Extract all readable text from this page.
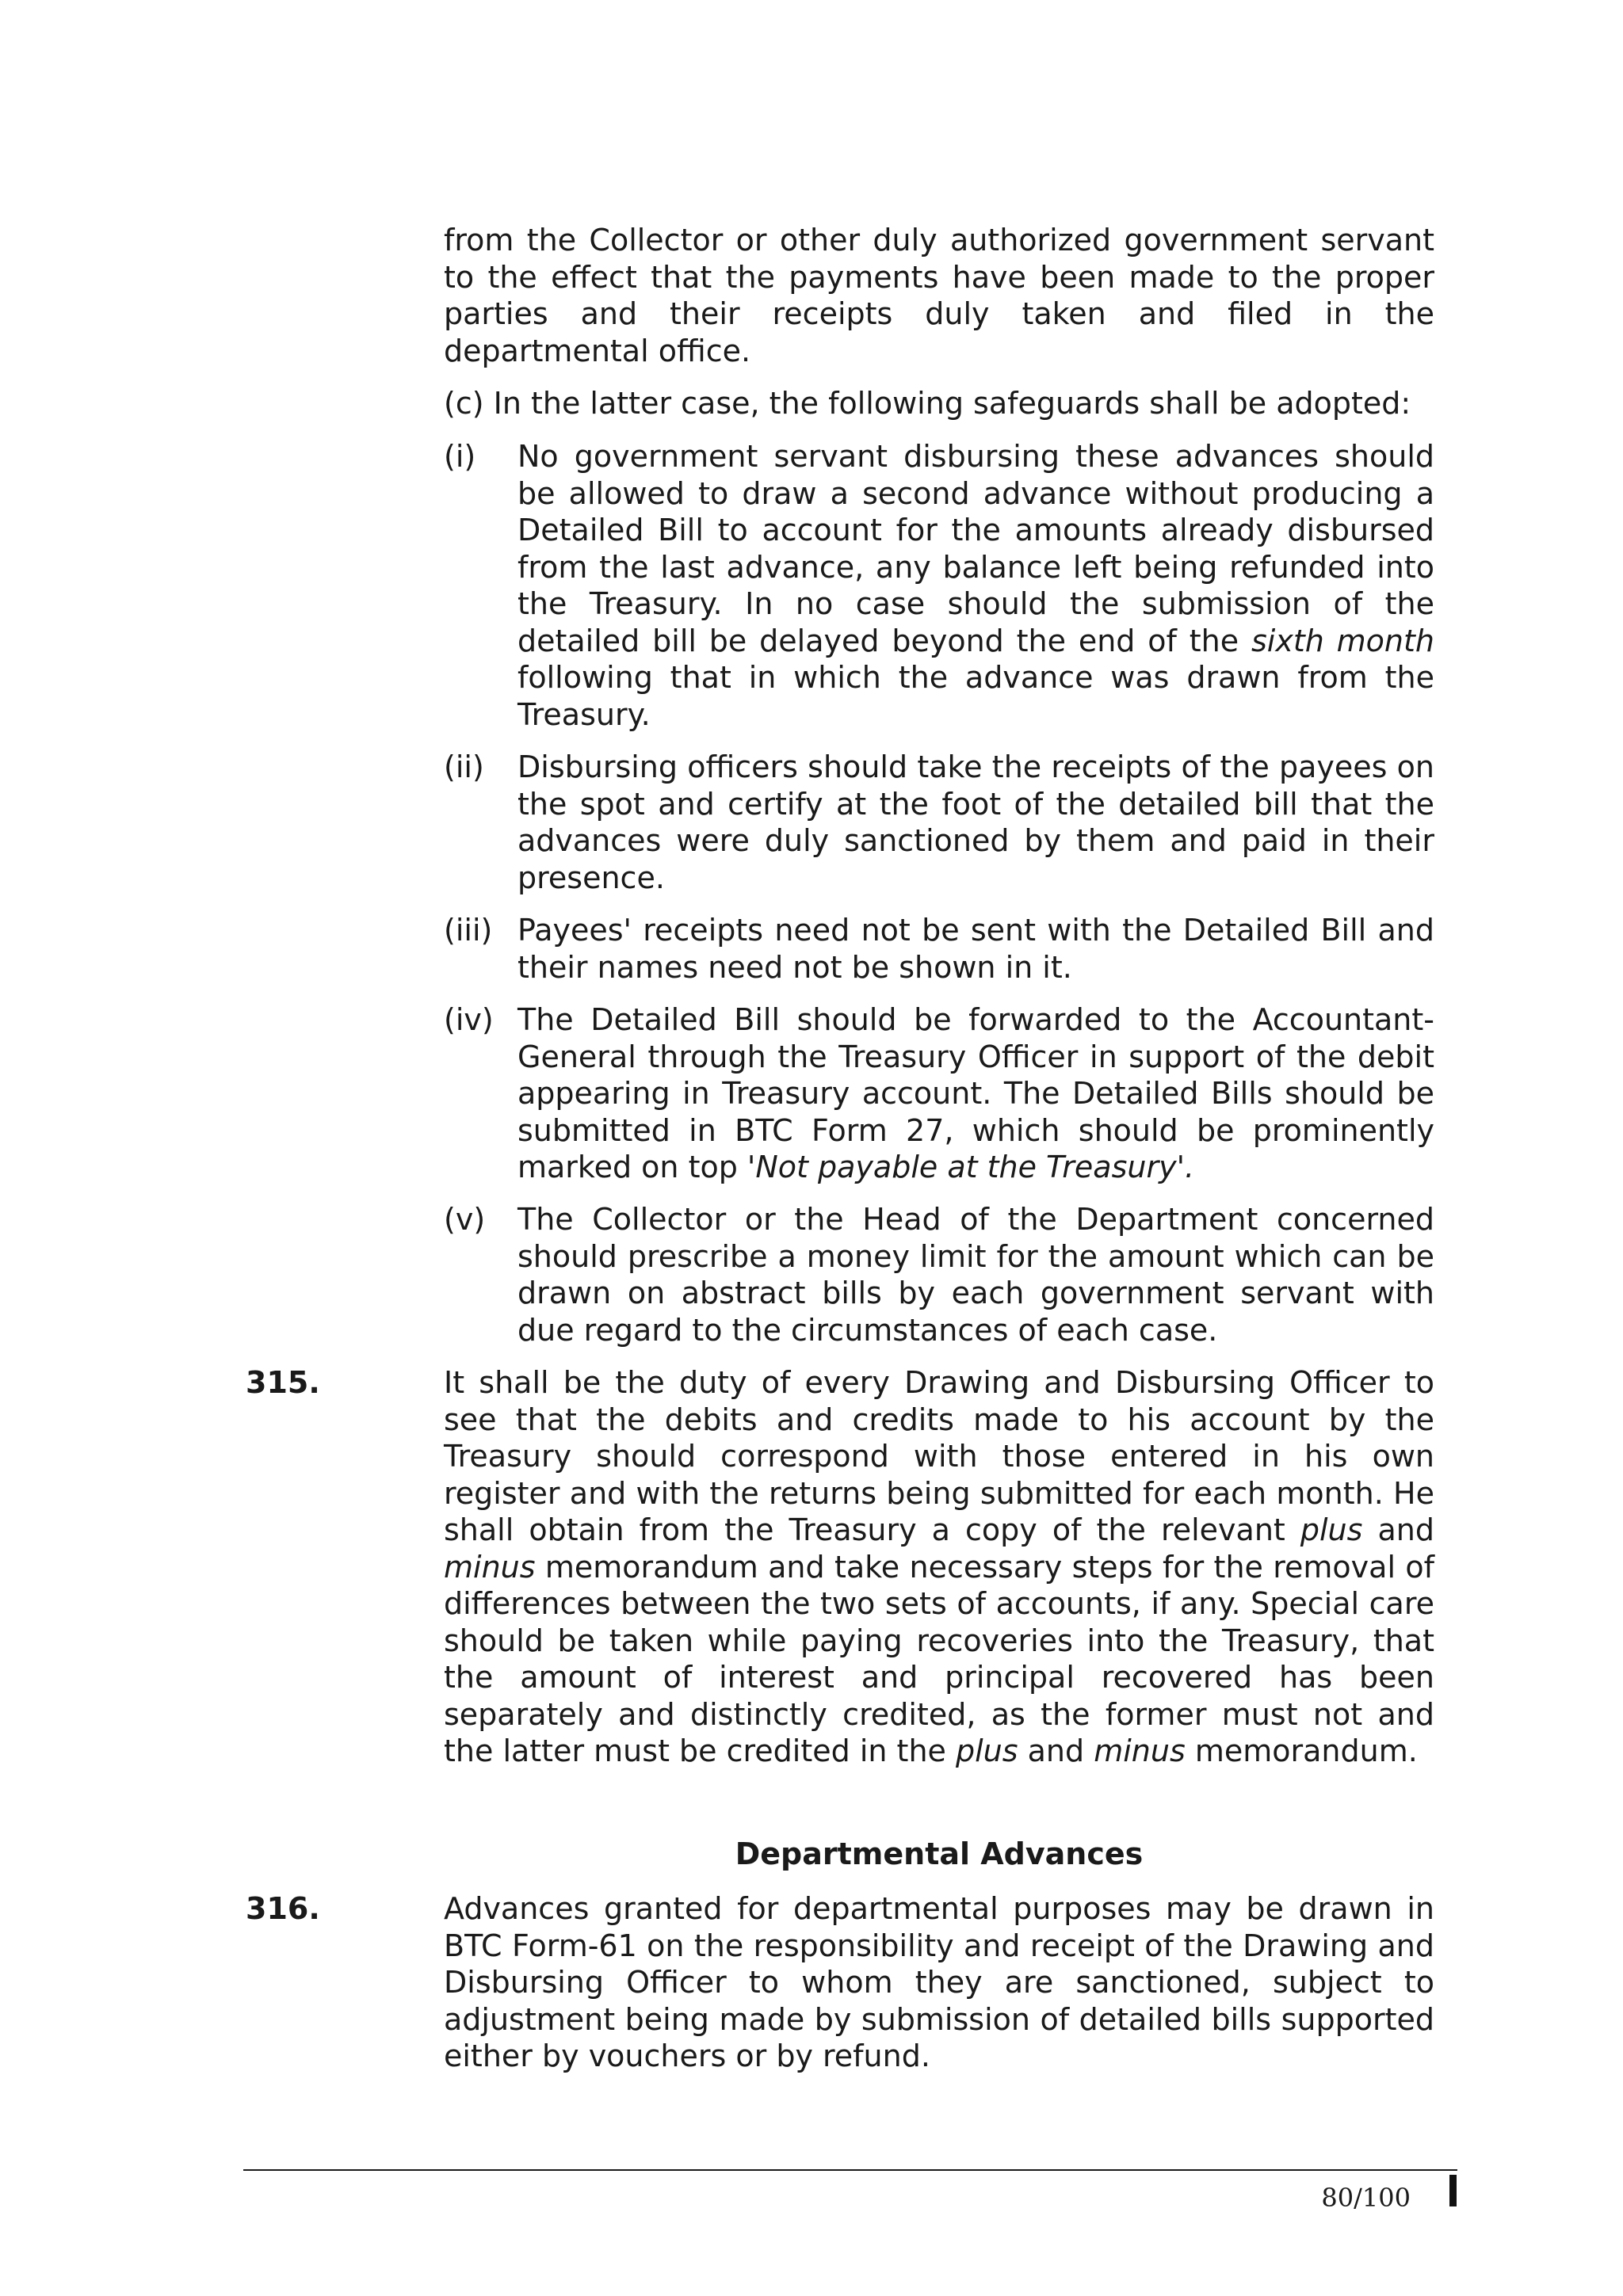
from the Collector or other duly authorized government servant to the effect that the payments have been made to the proper parties and their receipts duly taken and filed in the departmental office.
(c) In the latter case, the following safeguards shall be adopted:
(i) No government servant disbursing these advances should be allowed to draw a second advance without producing a Detailed Bill to account for the amounts already disbursed from the last advance, any balance left being refunded into the Treasury. In no case should the submission of the detailed bill be delayed beyond the end of the sixth month following that in which the advance was drawn from the Treasury.
(ii) Disbursing officers should take the receipts of the payees on the spot and certify at the foot of the detailed bill that the advances were duly sanctioned by them and paid in their presence.
(iii) Payees' receipts need not be sent with the Detailed Bill and their names need not be shown in it.
(iv) The Detailed Bill should be forwarded to the Accountant-General through the Treasury Officer in support of the debit appearing in Treasury account. The Detailed Bills should be submitted in BTC Form 27, which should be prominently marked on top 'Not payable at the Treasury'.
(v) The Collector or the Head of the Department concerned should prescribe a money limit for the amount which can be drawn on abstract bills by each government servant with due regard to the circumstances of each case.
315.	It shall be the duty of every Drawing and Disbursing Officer to see that the debits and credits made to his account by the Treasury should correspond with those entered in his own register and with the returns being submitted for each month. He shall obtain from the Treasury a copy of the relevant plus and minus memorandum and take necessary steps for the removal of differences between the two sets of accounts, if any. Special care should be taken while paying recoveries into the Treasury, that the amount of interest and principal recovered has been separately and distinctly credited, as the former must not and the latter must be credited in the plus and minus memorandum.
Departmental Advances
316.	Advances granted for departmental purposes may be drawn in BTC Form-61 on the responsibility and receipt of the Drawing and Disbursing Officer to whom they are sanctioned, subject to adjustment being made by submission of detailed bills supported either by vouchers or by refund.
80/100
